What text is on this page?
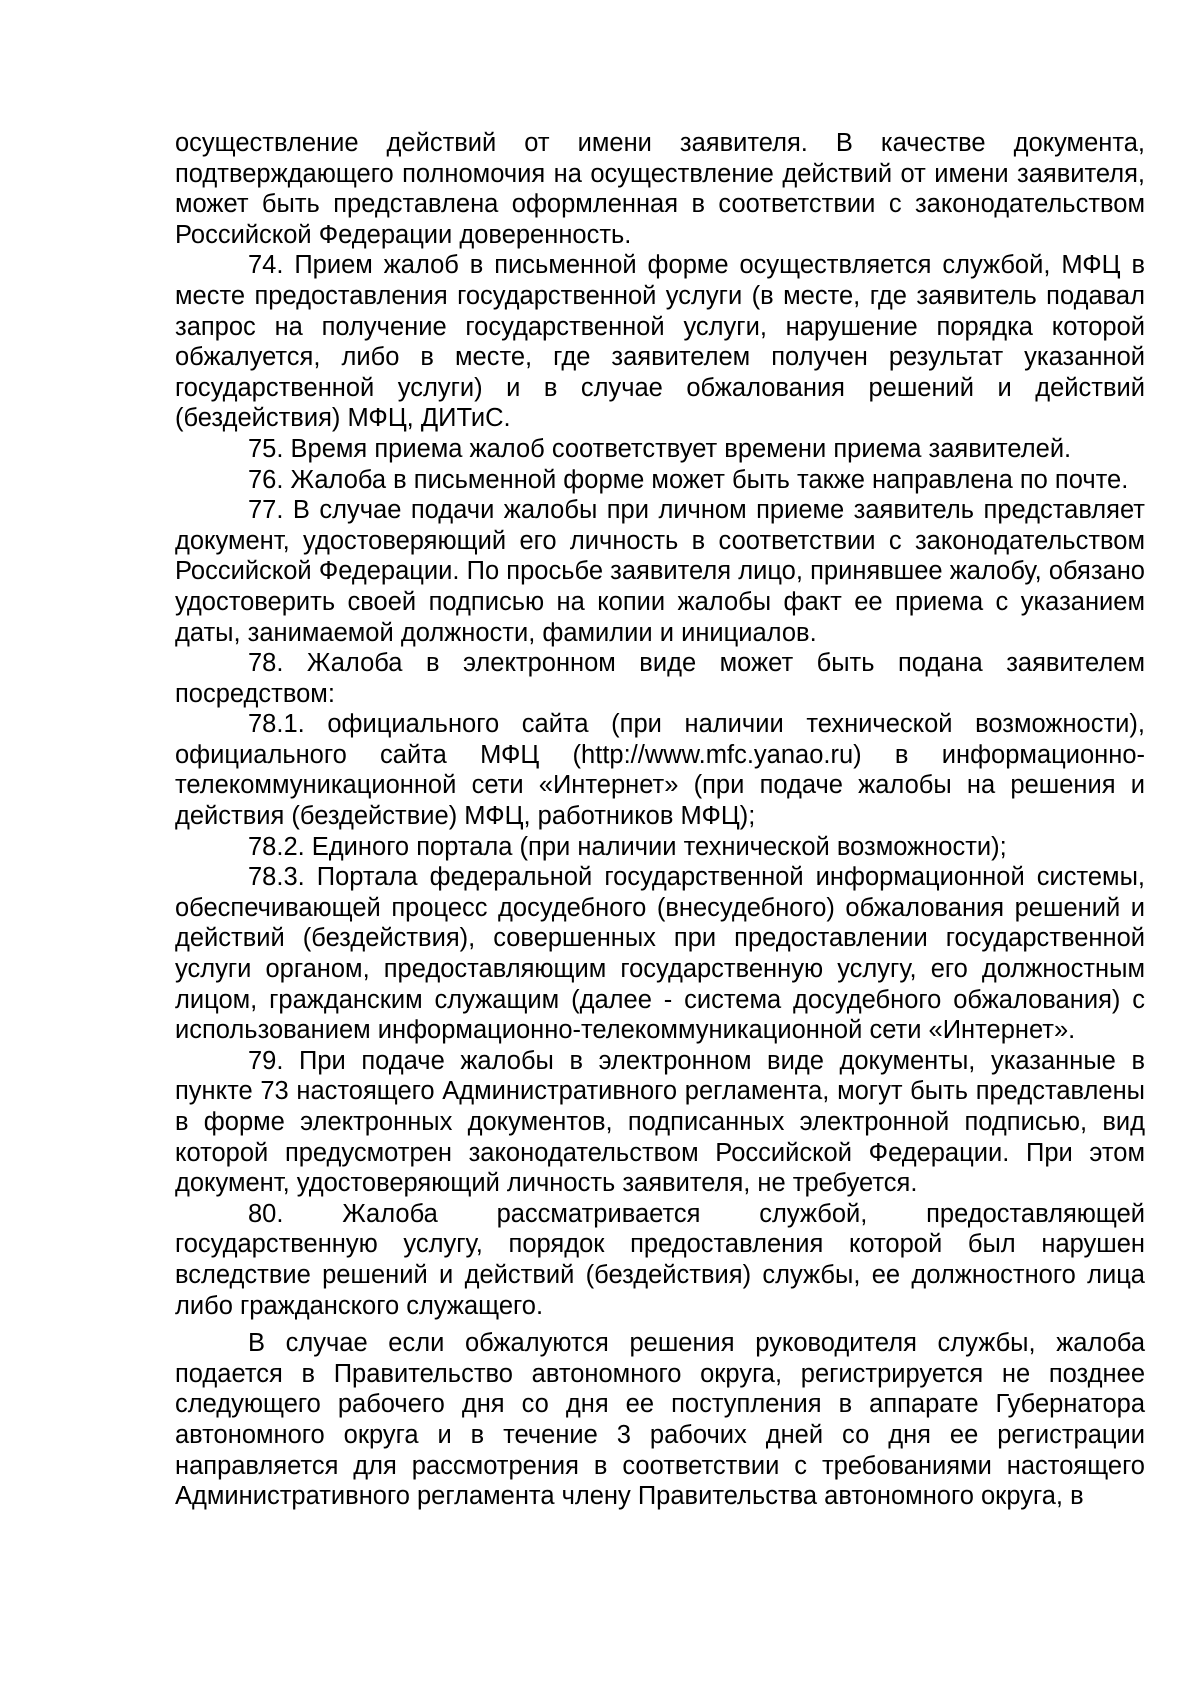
осуществление действий от имени заявителя. В качестве документа, подтверждающего полномочия на осуществление действий от имени заявителя, может быть представлена оформленная в соответствии с законодательством Российской Федерации доверенность.

74. Прием жалоб в письменной форме осуществляется службой, МФЦ в месте предоставления государственной услуги (в месте, где заявитель подавал запрос на получение государственной услуги, нарушение порядка которой обжалуется, либо в месте, где заявителем получен результат указанной государственной услуги) и в случае обжалования решений и действий (бездействия) МФЦ, ДИТиС.

75. Время приема жалоб соответствует времени приема заявителей.

76. Жалоба в письменной форме может быть также направлена по почте.

77. В случае подачи жалобы при личном приеме заявитель представляет документ, удостоверяющий его личность в соответствии с законодательством Российской Федерации. По просьбе заявителя лицо, принявшее жалобу, обязано удостоверить своей подписью на копии жалобы факт ее приема с указанием даты, занимаемой должности, фамилии и инициалов.

78. Жалоба в электронном виде может быть подана заявителем посредством:

78.1. официального сайта (при наличии технической возможности), официального сайта МФЦ (http://www.mfc.yanao.ru) в информационно-телекоммуникационной сети «Интернет» (при подаче жалобы на решения и действия (бездействие) МФЦ, работников МФЦ);

78.2. Единого портала (при наличии технической возможности);

78.3. Портала федеральной государственной информационной системы, обеспечивающей процесс досудебного (внесудебного) обжалования решений и действий (бездействия), совершенных при предоставлении государственной услуги органом, предоставляющим государственную услугу, его должностным лицом, гражданским служащим (далее - система досудебного обжалования) с использованием информационно-телекоммуникационной сети «Интернет».

79. При подаче жалобы в электронном виде документы, указанные в пункте 73 настоящего Административного регламента, могут быть представлены в форме электронных документов, подписанных электронной подписью, вид которой предусмотрен законодательством Российской Федерации. При этом документ, удостоверяющий личность заявителя, не требуется.

80. Жалоба рассматривается службой, предоставляющей государственную услугу, порядок предоставления которой был нарушен вследствие решений и действий (бездействия) службы, ее должностного лица либо гражданского служащего.

В случае если обжалуются решения руководителя службы, жалоба подается в Правительство автономного округа, регистрируется не позднее следующего рабочего дня со дня ее поступления в аппарате Губернатора автономного округа и в течение 3 рабочих дней со дня ее регистрации направляется для рассмотрения в соответствии с требованиями настоящего Административного регламента члену Правительства автономного округа, в
